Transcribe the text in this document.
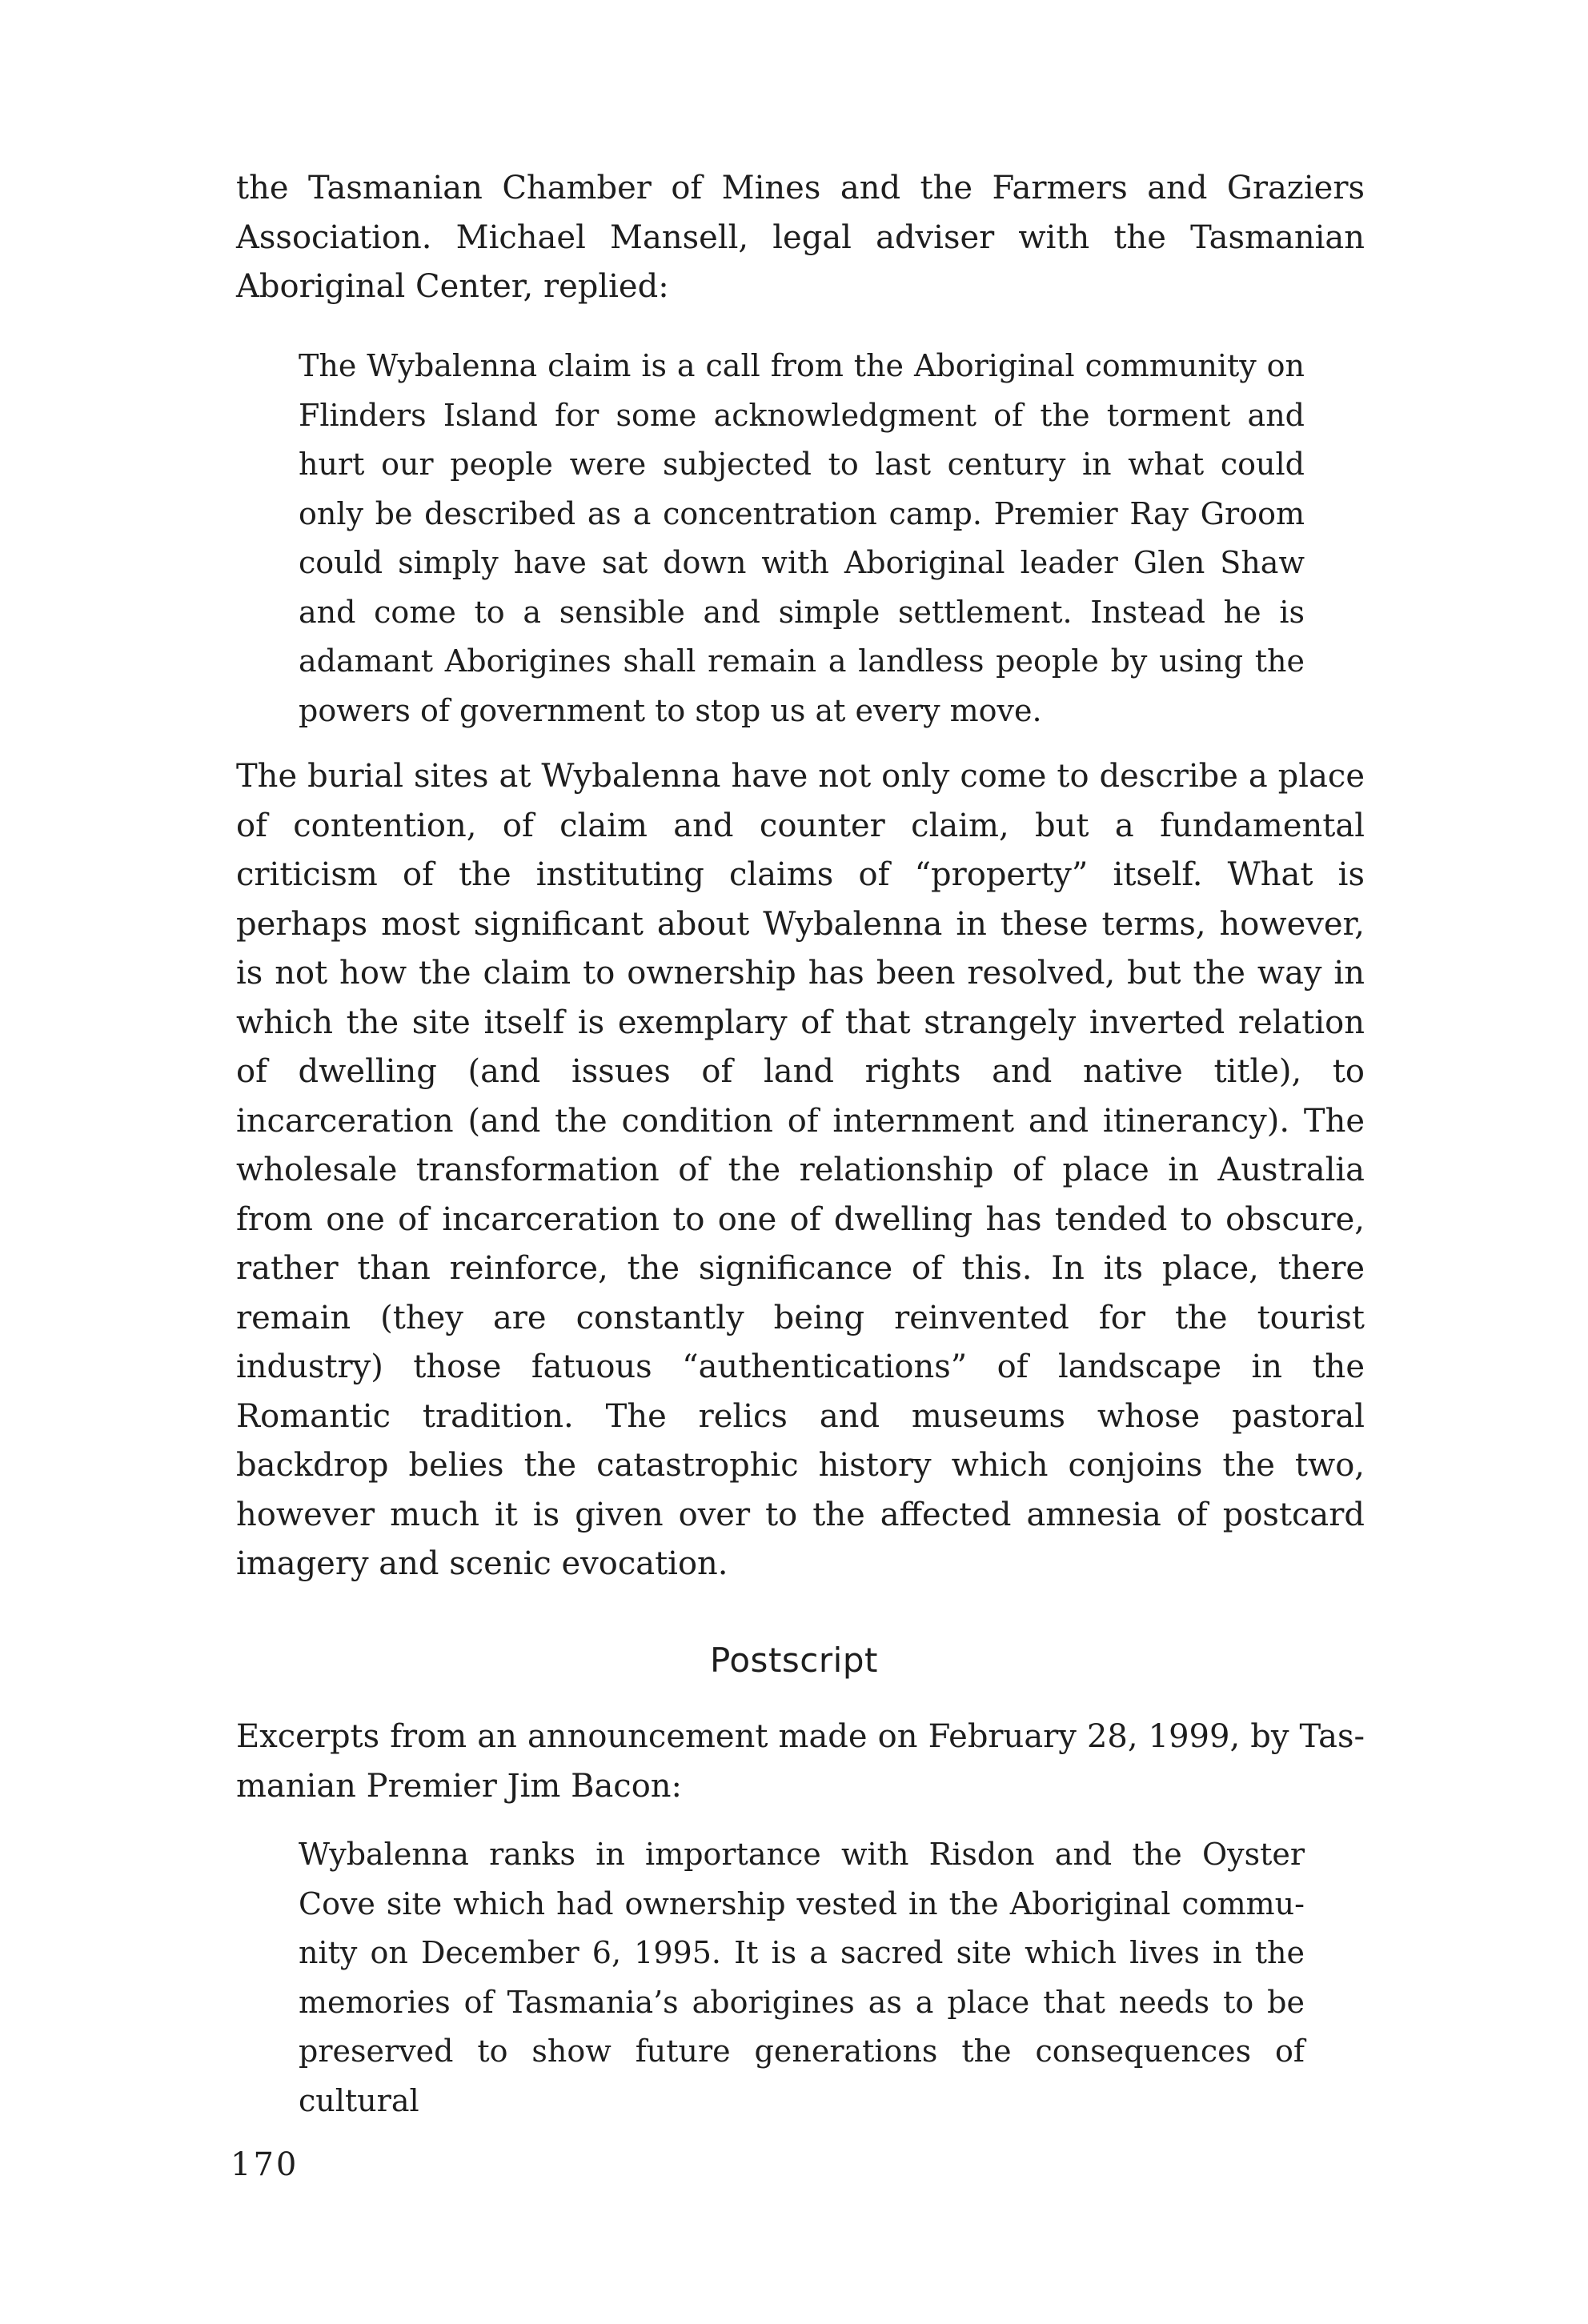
the Tasmanian Chamber of Mines and the Farmers and Graziers Association. Michael Mansell, legal adviser with the Tasmanian Aboriginal Center, replied:

The Wybalenna claim is a call from the Aboriginal community on Flinders Island for some acknowledgment of the torment and hurt our people were subjected to last century in what could only be described as a concentration camp. Premier Ray Groom could simply have sat down with Aboriginal leader Glen Shaw and come to a sensible and simple settlement. Instead he is adamant Aborigines shall remain a landless people by using the powers of government to stop us at every move.

The burial sites at Wybalenna have not only come to describe a place of contention, of claim and counter claim, but a fundamental criticism of the instituting claims of “property” itself. What is perhaps most significant about Wybalenna in these terms, however, is not how the claim to ownership has been resolved, but the way in which the site itself is exemplary of that strangely inverted relation of dwelling (and issues of land rights and native title), to incarceration (and the condition of internment and itinerancy). The wholesale transformation of the relationship of place in Australia from one of incarceration to one of dwelling has tended to obscure, rather than reinforce, the significance of this. In its place, there remain (they are constantly being reinvented for the tourist industry) those fatuous “authentications” of landscape in the Romantic tradition. The relics and museums whose pastoral backdrop belies the catastrophic history which conjoins the two, however much it is given over to the affected amnesia of postcard imagery and scenic evocation.

Postscript

Excerpts from an announcement made on February 28, 1999, by Tasmanian Premier Jim Bacon:

Wybalenna ranks in importance with Risdon and the Oyster Cove site which had ownership vested in the Aboriginal community on December 6, 1995. It is a sacred site which lives in the memories of Tasmania’s aborigines as a place that needs to be preserved to show future generations the consequences of cultural

170
